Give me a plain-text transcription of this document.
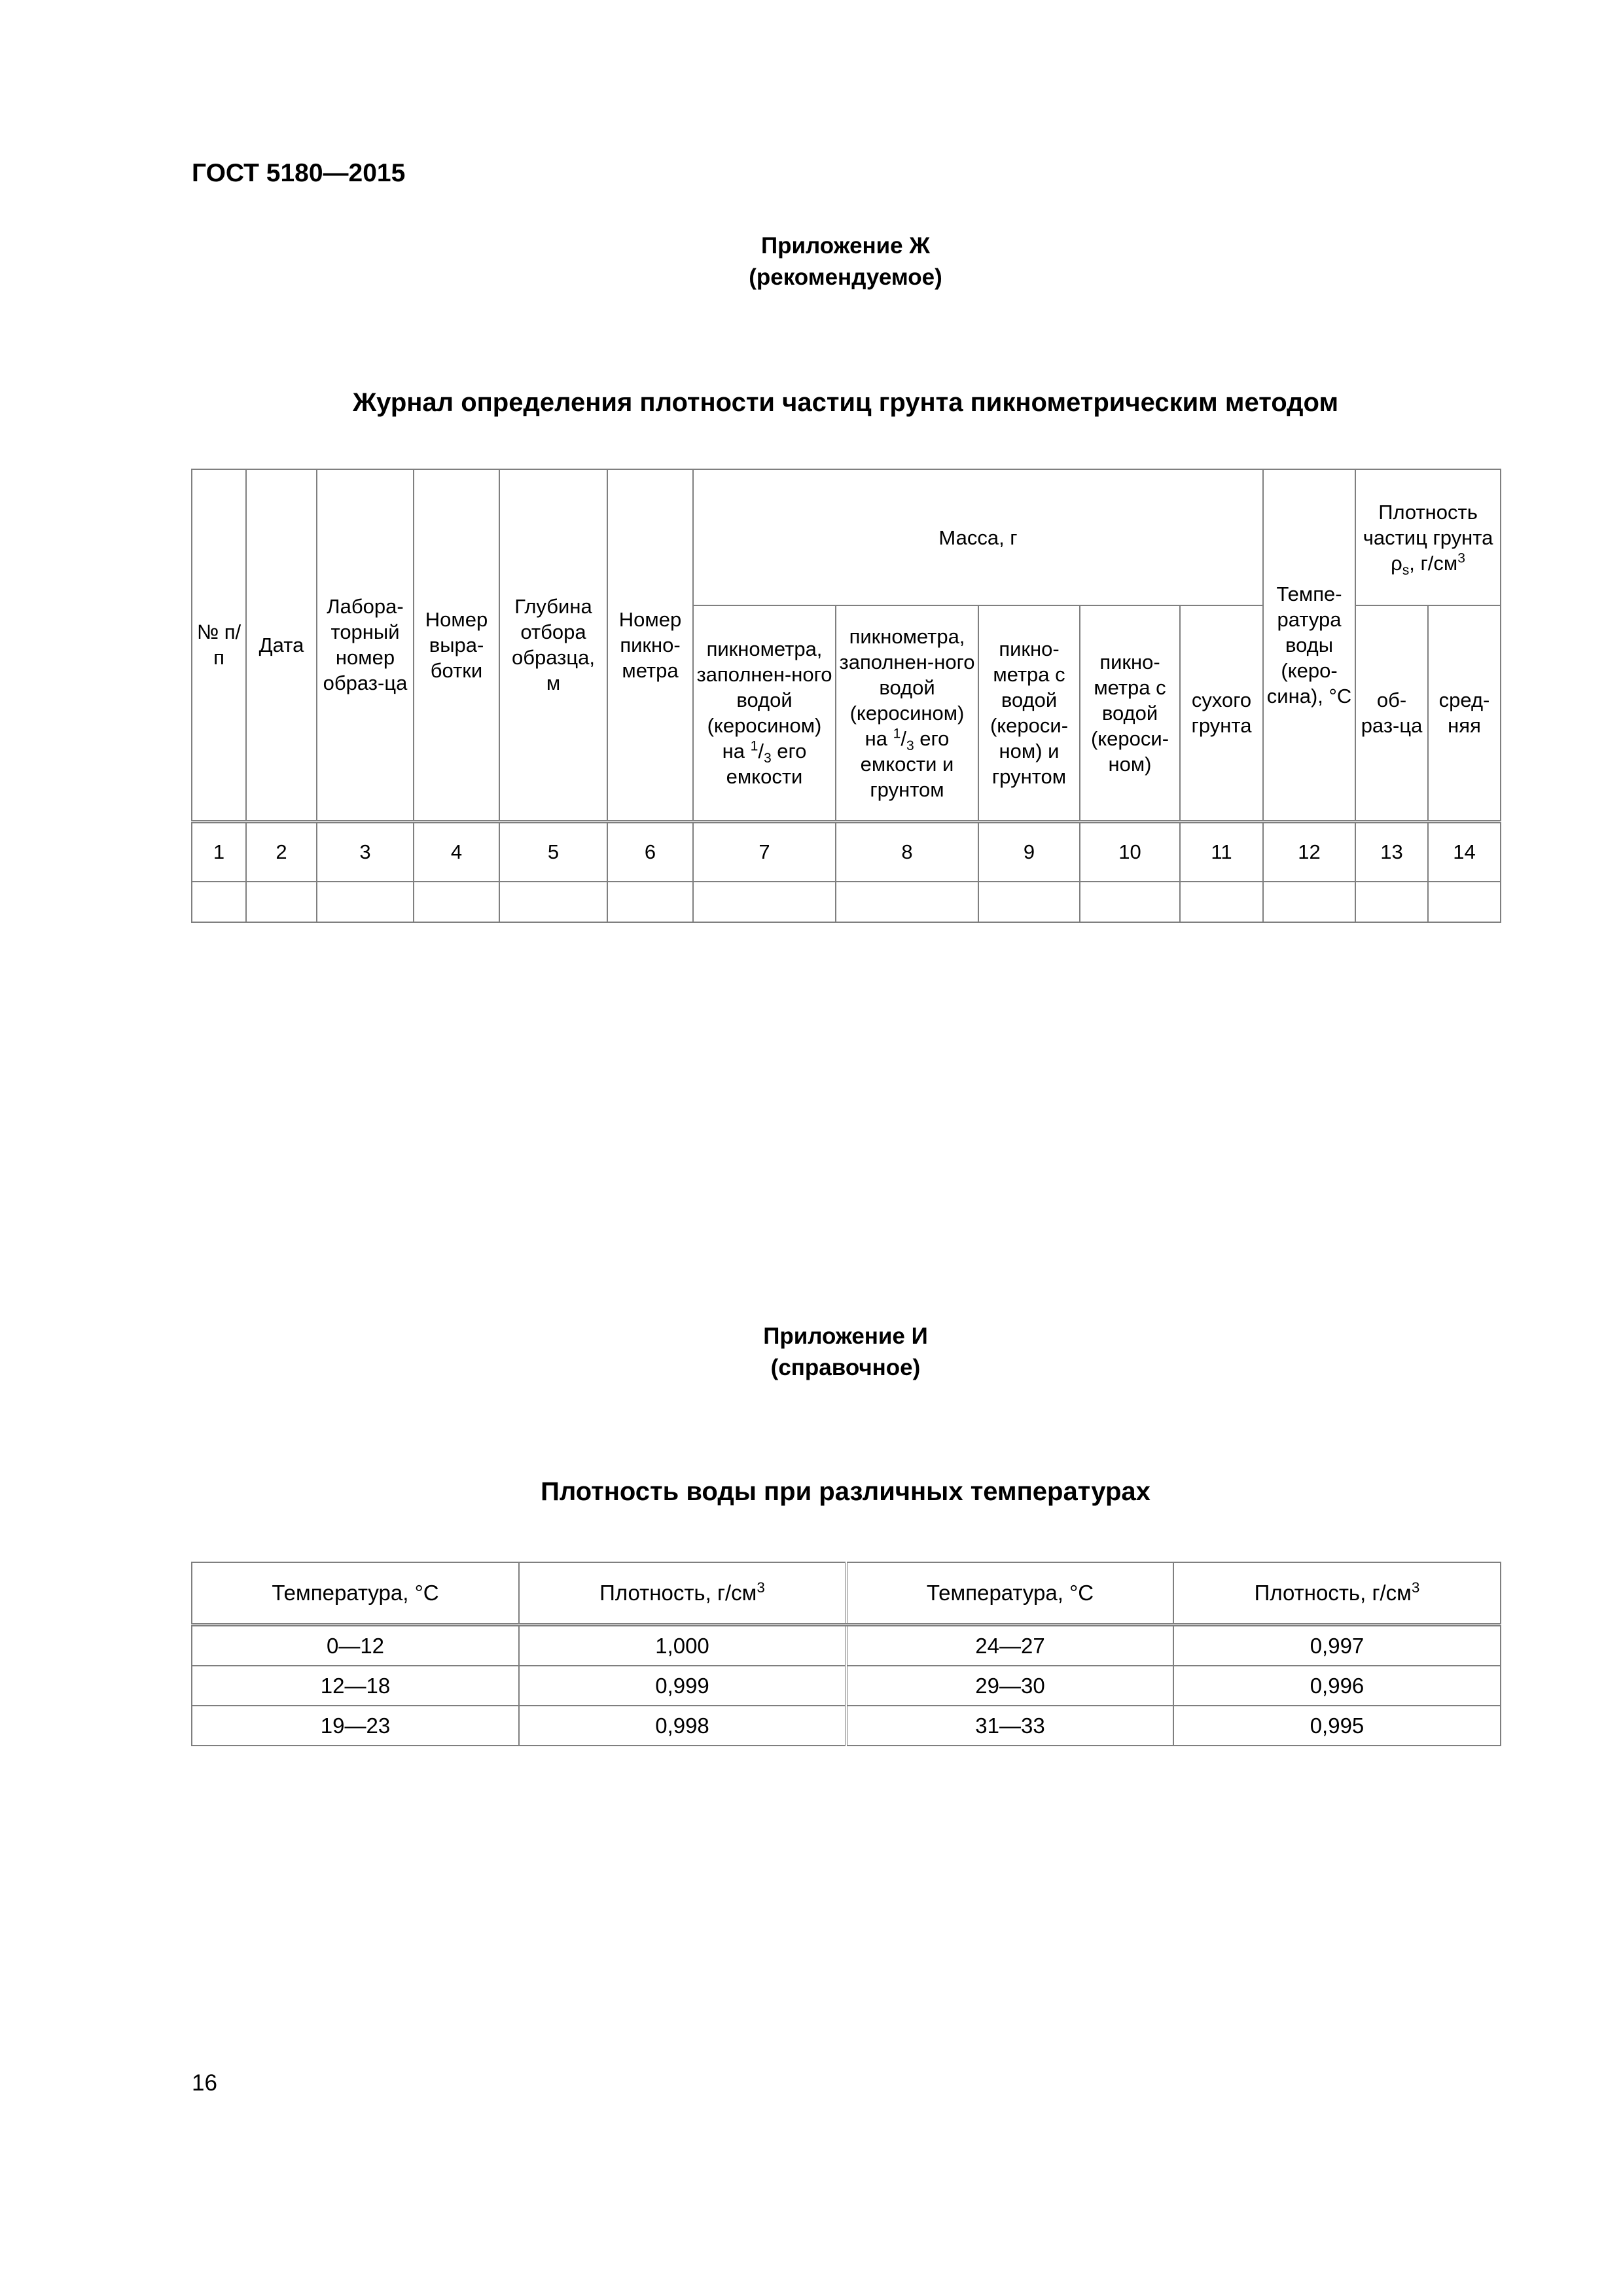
ГОСТ 5180—2015
Приложение Ж
(рекомендуемое)
Журнал определения плотности частиц грунта пикнометрическим методом
№ п/п	Дата	Лабора-торный номер образ-ца	Номер выра-ботки	Глубина отбора образца, м	Номер пикно-метра	Масса, г					Темпе-ратура воды (керо-сина), °С	Плотность частиц грунта $\rho_s$, $г/см^3$
						пикнометра, заполнен-ного водой (керосином) на $^1/_3$ его емкости	пикнометра, заполнен-ного водой (керосином) на $^1/_3$ его емкости и грунтом	пикно-метра с водой (кероси-ном) и грунтом	пикно-метра с водой (кероси-ном)	сухого грунта		об-раз-ца	сред-няя
1	2	3	4	5	6	7	8	9	10	11	12	13	14

Приложение И
(справочное)
Плотность воды при различных температурах
Температура, °С	Плотность, $г/см^3$	Температура, °С	Плотность, $г/см^3$
0—12	1,000	24—27	0,997
12—18	0,999	29—30	0,996
19—23	0,998	31—33	0,995
16
